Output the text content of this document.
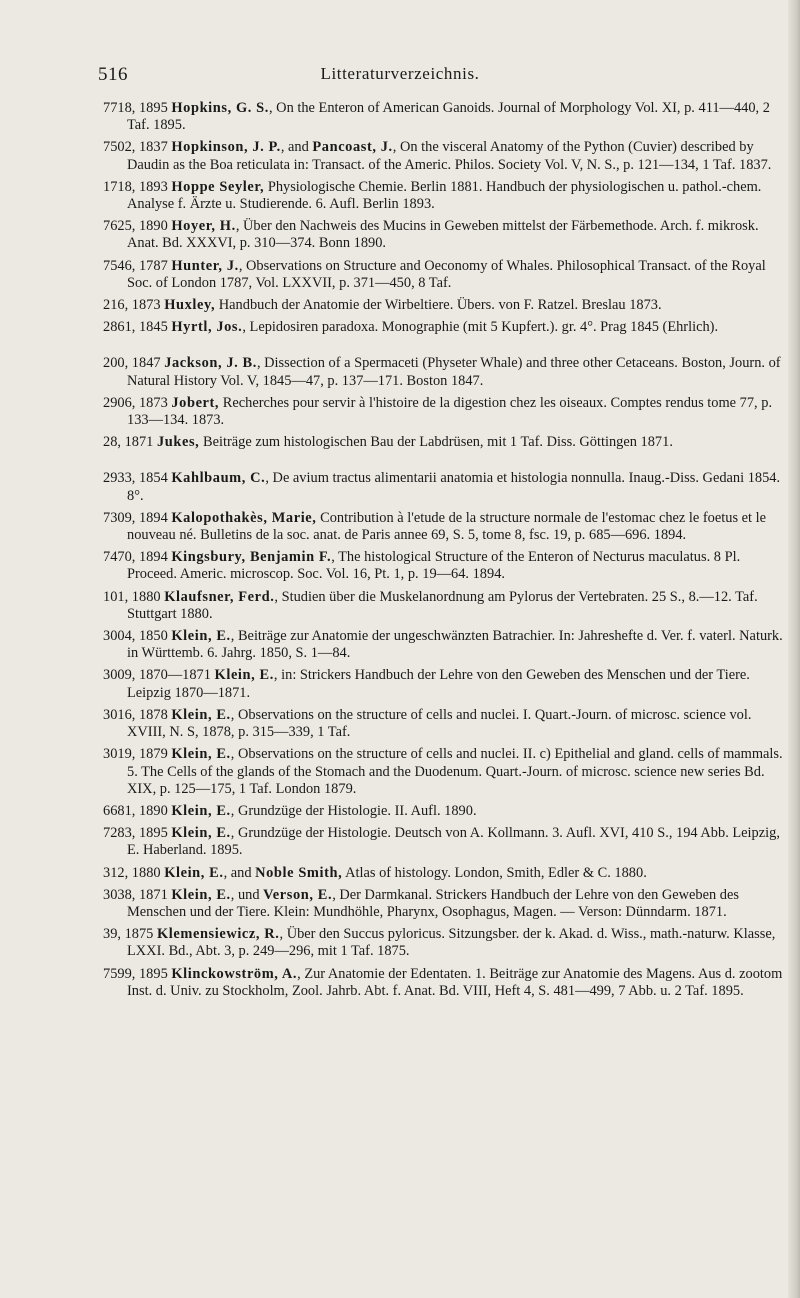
Litteraturverzeichnis.
516
7718, 1895 Hopkins, G. S., On the Enteron of American Ganoids. Journal of Morphology Vol. XI, p. 411—440, 2 Taf. 1895.
7502, 1837 Hopkinson, J. P., and Pancoast, J., On the visceral Anatomy of the Python (Cuvier) described by Daudin as the Boa reticulata in: Transact. of the Americ. Philos. Society Vol. V, N. S., p. 121—134, 1 Taf. 1837.
1718, 1893 Hoppe Seyler, Physiologische Chemie. Berlin 1881. Handbuch der physiologischen u. pathol.-chem. Analyse f. Ärzte u. Studierende. 6. Aufl. Berlin 1893.
7625, 1890 Hoyer, H., Über den Nachweis des Mucins in Geweben mittelst der Färbemethode. Arch. f. mikrosk. Anat. Bd. XXXVI, p. 310—374. Bonn 1890.
7546, 1787 Hunter, J., Observations on Structure and Oeconomy of Whales. Philosophical Transact. of the Royal Soc. of London 1787, Vol. LXXVII, p. 371—450, 8 Taf.
216, 1873 Huxley, Handbuch der Anatomie der Wirbeltiere. Übers. von F. Ratzel. Breslau 1873.
2861, 1845 Hyrtl, Jos., Lepidosiren paradoxa. Monographie (mit 5 Kupfert.). gr. 4°. Prag 1845 (Ehrlich).
200, 1847 Jackson, J. B., Dissection of a Spermaceti (Physeter Whale) and three other Cetaceans. Boston, Journ. of Natural History Vol. V, 1845—47, p. 137—171. Boston 1847.
2906, 1873 Jobert, Recherches pour servir à l'histoire de la digestion chez les oiseaux. Comptes rendus tome 77, p. 133—134. 1873.
28, 1871 Jukes, Beiträge zum histologischen Bau der Labdrüsen, mit 1 Taf. Diss. Göttingen 1871.
2933, 1854 Kahlbaum, C., De avium tractus alimentarii anatomia et histologia nonnulla. Inaug.-Diss. Gedani 1854. 8°.
7309, 1894 Kalopothakès, Marie, Contribution à l'etude de la structure normale de l'estomac chez le foetus et le nouveau né. Bulletins de la soc. anat. de Paris annee 69, S. 5, tome 8, fsc. 19, p. 685—696. 1894.
7470, 1894 Kingsbury, Benjamin F., The histological Structure of the Enteron of Necturus maculatus. 8 Pl. Proceed. Americ. microscop. Soc. Vol. 16, Pt. 1, p. 19—64. 1894.
101, 1880 Klaufsner, Ferd., Studien über die Muskelanordnung am Pylorus der Vertebraten. 25 S., 8.—12. Taf. Stuttgart 1880.
3004, 1850 Klein, E., Beiträge zur Anatomie der ungeschwänzten Batrachier. In: Jahreshefte d. Ver. f. vaterl. Naturk. in Württemb. 6. Jahrg. 1850, S. 1—84.
3009, 1870—1871 Klein, E., in: Strickers Handbuch der Lehre von den Geweben des Menschen und der Tiere. Leipzig 1870—1871.
3016, 1878 Klein, E., Observations on the structure of cells and nuclei. I. Quart.-Journ. of microsc. science vol. XVIII, N. S, 1878, p. 315—339, 1 Taf.
3019, 1879 Klein, E., Observations on the structure of cells and nuclei. II. c) Epithelial and gland. cells of mammals. 5. The Cells of the glands of the Stomach and the Duodenum. Quart.-Journ. of microsc. science new series Bd. XIX, p. 125—175, 1 Taf. London 1879.
6681, 1890 Klein, E., Grundzüge der Histologie. II. Aufl. 1890.
7283, 1895 Klein, E., Grundzüge der Histologie. Deutsch von A. Kollmann. 3. Aufl. XVI, 410 S., 194 Abb. Leipzig, E. Haberland. 1895.
312, 1880 Klein, E., and Noble Smith, Atlas of histology. London, Smith, Edler & C. 1880.
3038, 1871 Klein, E., und Verson, E., Der Darmkanal. Strickers Handbuch der Lehre von den Geweben des Menschen und der Tiere. Klein: Mundhöhle, Pharynx, Osophagus, Magen. — Verson: Dünndarm. 1871.
39, 1875 Klemensiewicz, R., Über den Succus pyloricus. Sitzungsber. der k. Akad. d. Wiss., math.-naturw. Klasse, LXXI. Bd., Abt. 3, p. 249—296, mit 1 Taf. 1875.
7599, 1895 Klinckowström, A., Zur Anatomie der Edentaten. 1. Beiträge zur Anatomie des Magens. Aus d. zootom Inst. d. Univ. zu Stockholm, Zool. Jahrb. Abt. f. Anat. Bd. VIII, Heft 4, S. 481—499, 7 Abb. u. 2 Taf. 1895.
